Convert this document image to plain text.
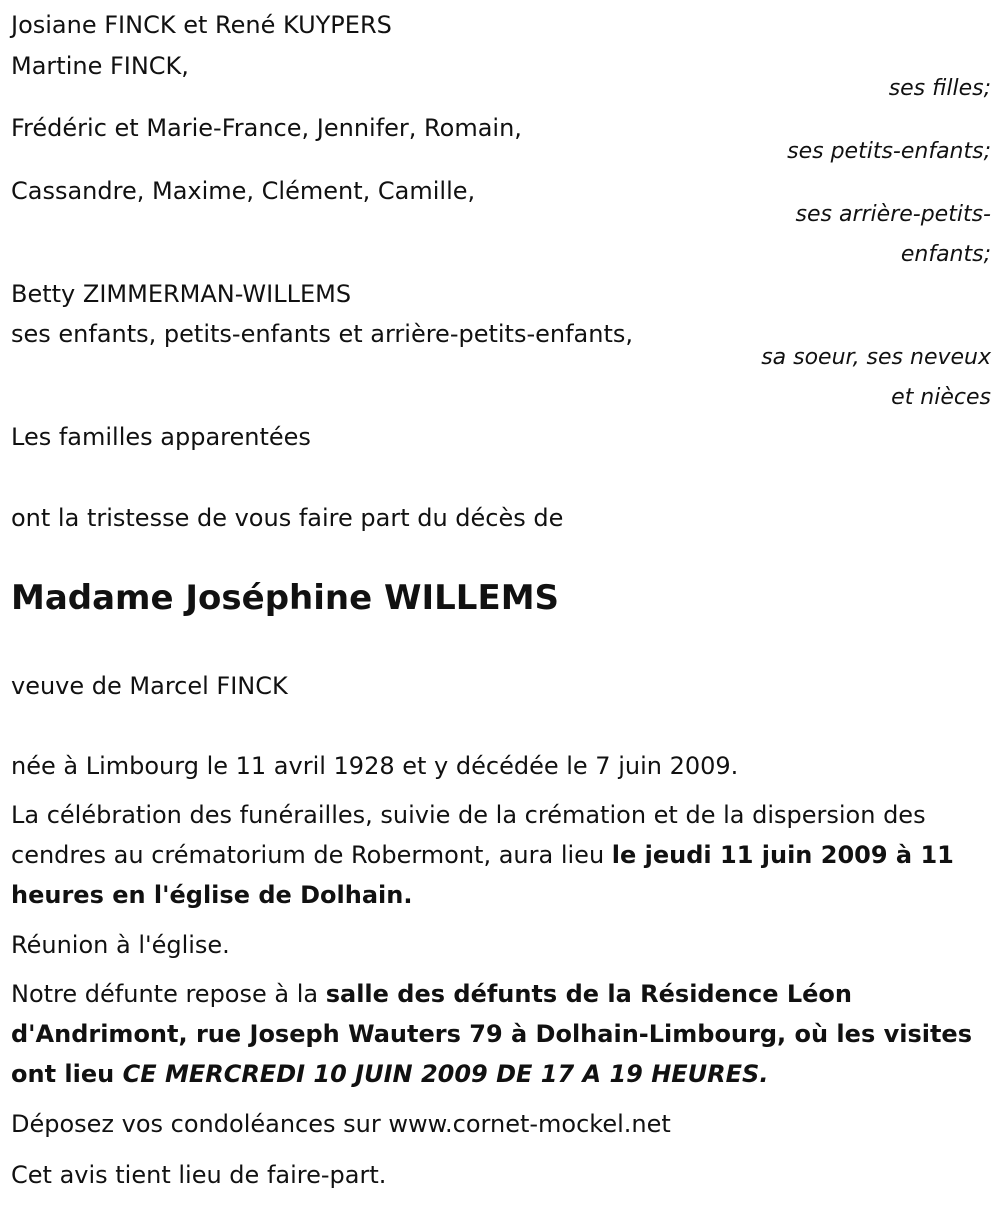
Josiane FINCK et René KUYPERS
Martine FINCK,
ses filles;
Frédéric et Marie-France, Jennifer, Romain,
ses petits-enfants;
Cassandre, Maxime, Clément, Camille,
ses arrière-petits-
enfants;
Betty ZIMMERMAN-WILLEMS
ses enfants, petits-enfants et arrière-petits-enfants,
sa soeur, ses neveux
et nièces
Les familles apparentées
ont la tristesse de vous faire part du décès de
Madame Joséphine WILLEMS
veuve de Marcel FINCK
née à Limbourg le 11 avril 1928 et y décédée le 7 juin 2009.
La célébration des funérailles, suivie de la crémation et de la dispersion des cendres au crématorium de Robermont, aura lieu le jeudi 11 juin 2009 à 11 heures en l'église de Dolhain.
Réunion à l'église.
Notre défunte repose à la salle des défunts de la Résidence Léon d'Andrimont, rue Joseph Wauters 79 à Dolhain-Limbourg, où les visites ont lieu CE MERCREDI 10 JUIN 2009 DE 17 A 19 HEURES.
Déposez vos condoléances sur www.cornet-mockel.net
Cet avis tient lieu de faire-part.
